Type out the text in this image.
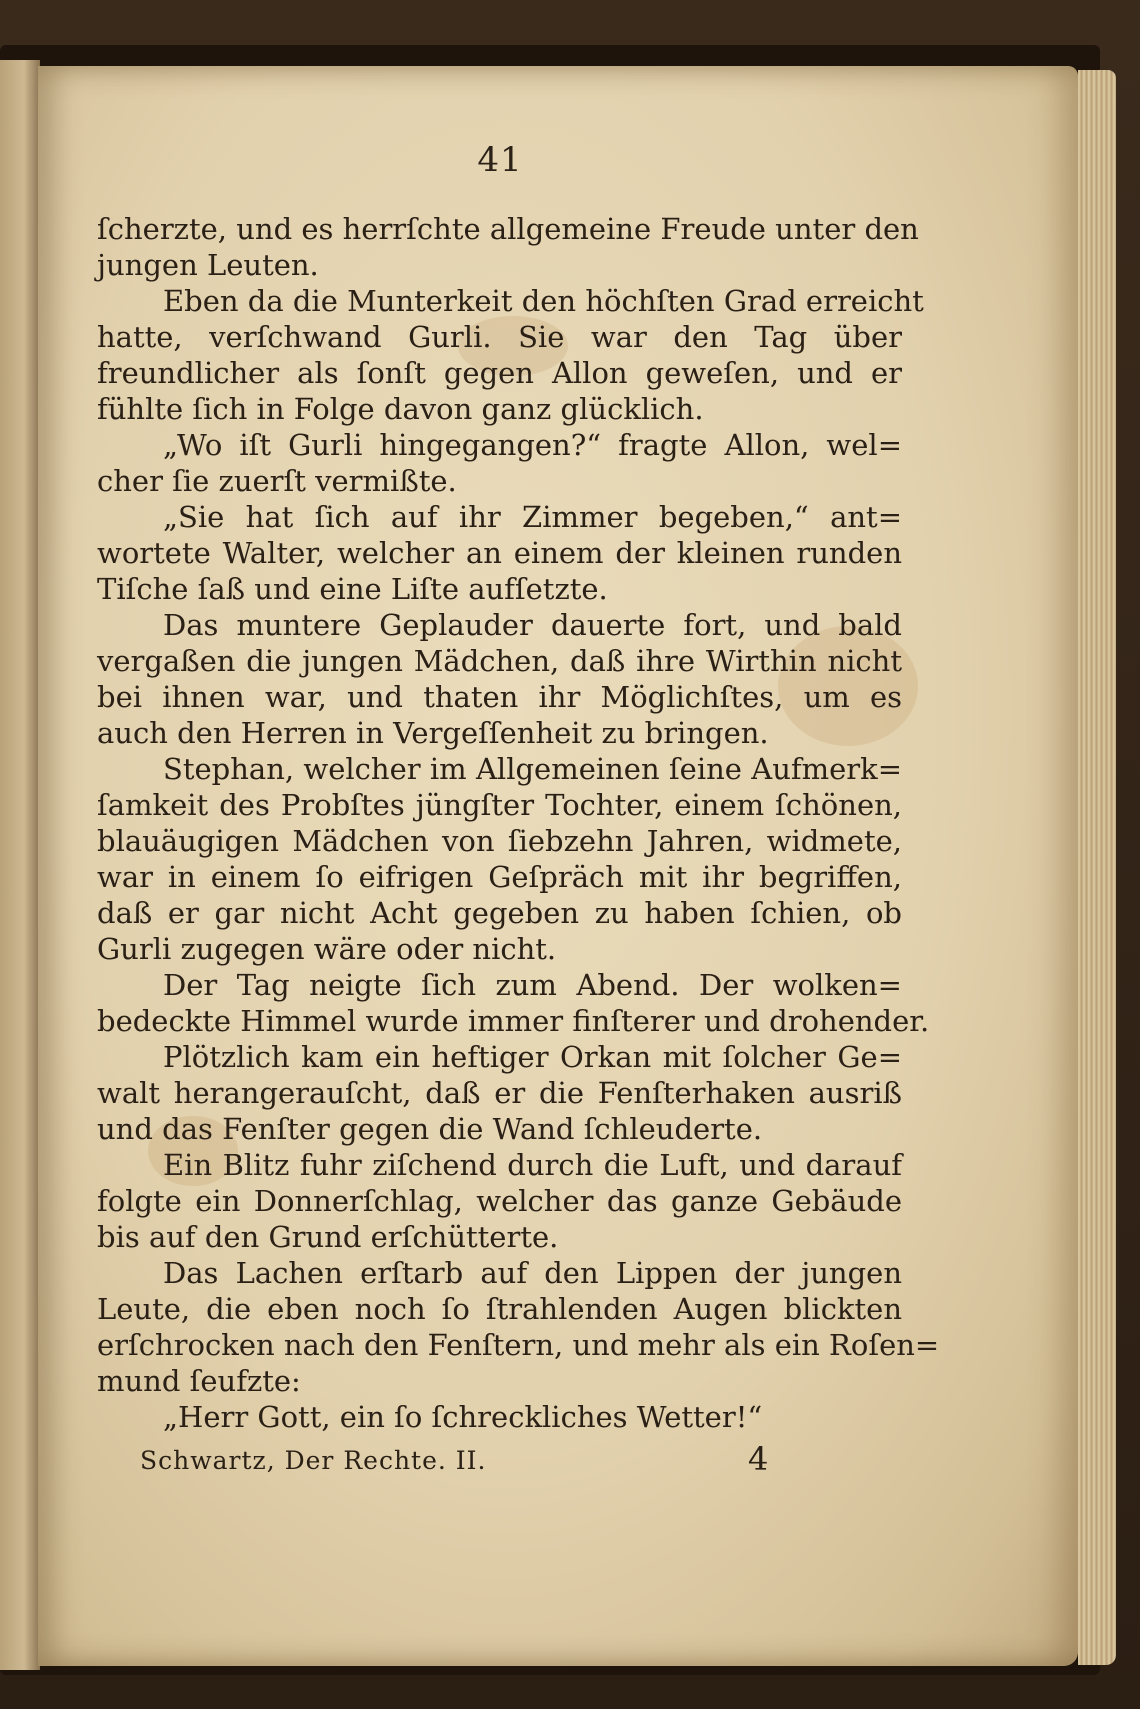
41
ſcherzte, und es herrſchte allgemeine Freude unter den
jungen Leuten.
Eben da die Munterkeit den höchſten Grad erreicht
hatte, verſchwand Gurli. Sie war den Tag über
freundlicher als ſonſt gegen Allon geweſen, und er
fühlte ſich in Folge davon ganz glücklich.
„Wo iſt Gurli hingegangen?“ fragte Allon, wel=
cher ſie zuerſt vermißte.
„Sie hat ſich auf ihr Zimmer begeben,“ ant=
wortete Walter, welcher an einem der kleinen runden
Tiſche ſaß und eine Liſte aufſetzte.
Das muntere Geplauder dauerte fort, und bald
vergaßen die jungen Mädchen, daß ihre Wirthin nicht
bei ihnen war, und thaten ihr Möglichſtes, um es
auch den Herren in Vergeſſenheit zu bringen.
Stephan, welcher im Allgemeinen ſeine Aufmerk=
ſamkeit des Probſtes jüngſter Tochter, einem ſchönen,
blauäugigen Mädchen von ſiebzehn Jahren, widmete,
war in einem ſo eifrigen Geſpräch mit ihr begriffen,
daß er gar nicht Acht gegeben zu haben ſchien, ob
Gurli zugegen wäre oder nicht.
Der Tag neigte ſich zum Abend. Der wolken=
bedeckte Himmel wurde immer finſterer und drohender.
Plötzlich kam ein heftiger Orkan mit ſolcher Ge=
walt herangerauſcht, daß er die Fenſterhaken ausriß
und das Fenſter gegen die Wand ſchleuderte.
Ein Blitz fuhr ziſchend durch die Luft, und darauf
folgte ein Donnerſchlag, welcher das ganze Gebäude
bis auf den Grund erſchütterte.
Das Lachen erſtarb auf den Lippen der jungen
Leute, die eben noch ſo ſtrahlenden Augen blickten
erſchrocken nach den Fenſtern, und mehr als ein Roſen=
mund ſeufzte:
„Herr Gott, ein ſo ſchreckliches Wetter!“
Schwartz, Der Rechte. II.	4
